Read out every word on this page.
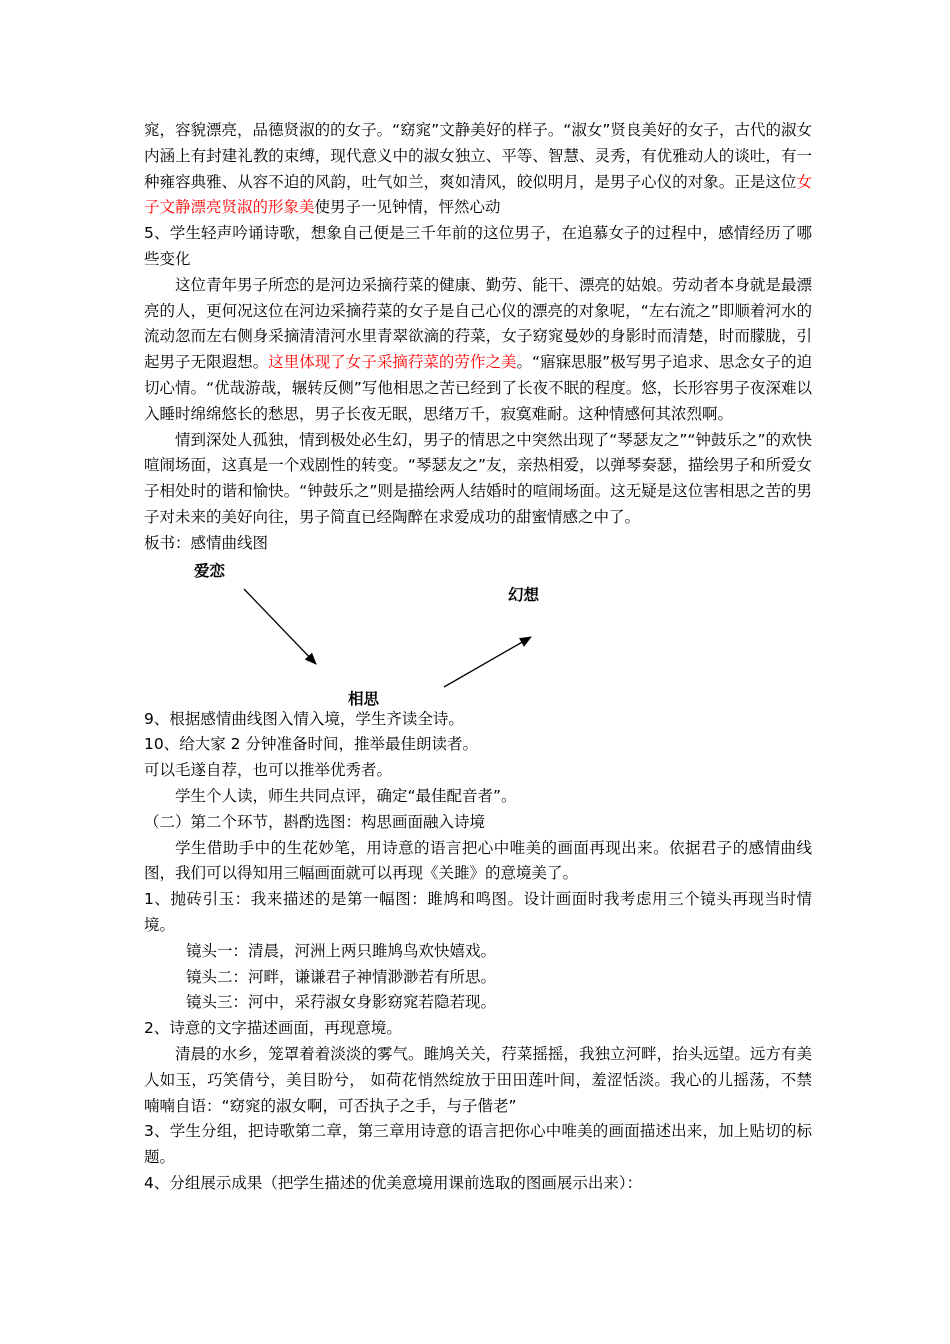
窕，容貌漂亮，品德贤淑的的女子。“窈窕”文静美好的样子。“淑女”贤良美好的女子，古代的淑女内涵上有封建礼教的束缚，现代意义中的淑女独立、平等、智慧、灵秀，有优雅动人的谈吐，有一种雍容典雅、从容不迫的风韵，吐气如兰，爽如清风，皎似明月，是男子心仪的对象。正是这位女子文静漂亮贤淑的形象美使男子一见钟情，怦然心动

5、学生轻声吟诵诗歌，想象自己便是三千年前的这位男子，在追慕女子的过程中，感情经历了哪些变化

这位青年男子所恋的是河边采摘荇菜的健康、勤劳、能干、漂亮的姑娘。劳动者本身就是最漂亮的人，更何况这位在河边采摘荇菜的女子是自己心仪的漂亮的对象呢，“左右流之”即顺着河水的流动忽而左右侧身采摘清清河水里青翠欲滴的荇菜，女子窈窕曼妙的身影时而清楚，时而朦胧，引起男子无限遐想。这里体现了女子采摘荇菜的劳作之美。“寤寐思服”极写男子追求、思念女子的迫切心情。“优哉游哉，辗转反侧”写他相思之苦已经到了长夜不眠的程度。悠，长形容男子夜深难以入睡时绵绵悠长的愁思，男子长夜无眠，思绪万千，寂寞难耐。这种情感何其浓烈啊。

情到深处人孤独，情到极处必生幻，男子的情思之中突然出现了“琴瑟友之”“钟鼓乐之”的欢快喧闹场面，这真是一个戏剧性的转变。“琴瑟友之”友，亲热相爱，以弹琴奏瑟，描绘男子和所爱女子相处时的谐和愉快。“钟鼓乐之”则是描绘两人结婚时的喧闹场面。这无疑是这位害相思之苦的男子对未来的美好向往，男子简直已经陶醉在求爱成功的甜蜜情感之中了。

板书：感情曲线图

爱恋
相思
幻想

9、根据感情曲线图入情入境，学生齐读全诗。

10、给大家 2 分钟准备时间，推举最佳朗读者。

可以毛遂自荐，也可以推举优秀者。

学生个人读，师生共同点评，确定“最佳配音者”。

（二）第二个环节，斟酌选图：构思画面融入诗境

学生借助手中的生花妙笔，用诗意的语言把心中唯美的画面再现出来。依据君子的感情曲线图，我们可以得知用三幅画面就可以再现《关雎》的意境美了。

1、抛砖引玉：我来描述的是第一幅图：雎鸠和鸣图。设计画面时我考虑用三个镜头再现当时情境。

镜头一：清晨，河洲上两只雎鸠鸟欢快嬉戏。

镜头二：河畔，谦谦君子神情渺渺若有所思。

镜头三：河中，采荇淑女身影窈窕若隐若现。

2、诗意的文字描述画面，再现意境。

清晨的水乡，笼罩着着淡淡的雾气。雎鸠关关，荇菜摇摇，我独立河畔，抬头远望。远方有美人如玉，巧笑倩兮，美目盼兮， 如荷花悄然绽放于田田莲叶间，羞涩恬淡。我心的儿摇荡，不禁喃喃自语：“窈窕的淑女啊，可否执子之手，与子偕老”

3、学生分组，把诗歌第二章，第三章用诗意的语言把你心中唯美的画面描述出来，加上贴切的标题。

4、分组展示成果（把学生描述的优美意境用课前选取的图画展示出来）：
